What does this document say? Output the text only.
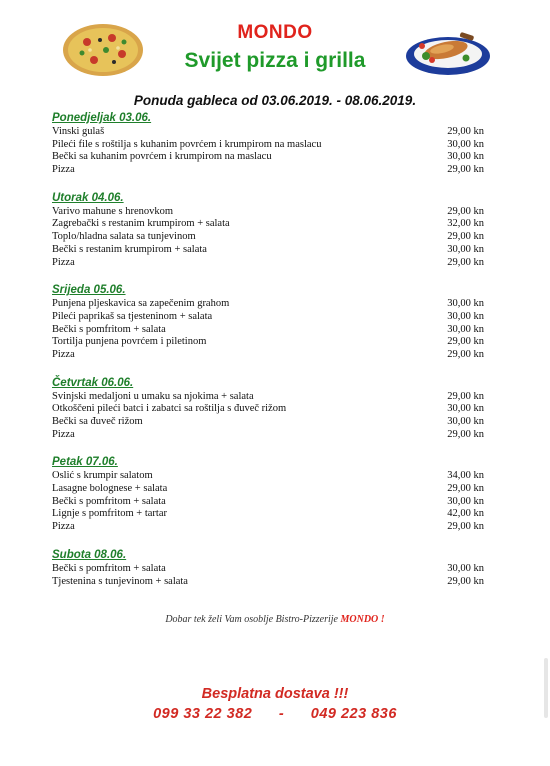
MONDO
Svijet pizza i grilla
Ponuda gableca od 03.06.2019. - 08.06.2019.
Ponedjeljak 03.06.
Vinski gulaš	29,00 kn
Pileći file s roštilja s kuhanim povrćem i krumpirom na maslacu	30,00 kn
Bečki sa kuhanim povrćem i krumpirom na maslacu	30,00 kn
Pizza	29,00 kn
Utorak 04.06.
Varivo mahune s hrenovkom	29,00 kn
Zagrebački s restanim krumpirom + salata	32,00 kn
Toplo/hladna salata sa tunjevinom	29,00 kn
Bečki s restanim krumpirom + salata	30,00 kn
Pizza	29,00 kn
Srijeda 05.06.
Punjena pljeskavica sa zapečenim grahom	30,00 kn
Pileći paprikaš sa tjesteninom + salata	30,00 kn
Bečki s pomfritom + salata	30,00 kn
Tortilja punjena povrćem i piletinom	29,00 kn
Pizza	29,00 kn
Četvrtak 06.06.
Svinjski medaljoni u umaku sa njokima + salata	29,00 kn
Otkoščeni pileći batci i zabatci sa roštilja s đuveč rižom	30,00 kn
Bečki sa đuveč rižom	30,00 kn
Pizza	29,00 kn
Petak 07.06.
Oslić s krumpir salatom	34,00 kn
Lasagne bolognese + salata	29,00 kn
Bečki s pomfritom + salata	30,00 kn
Lignje s pomfritom + tartar	42,00 kn
Pizza	29,00 kn
Subota 08.06.
Bečki s pomfritom + salata	30,00 kn
Tjestenina s tunjevinom + salata	29,00 kn
Dobar tek želi Vam osoblje Bistro-Pizzerije MONDO !
Besplatna dostava !!!
099 33 22 382 - 049 223 836
